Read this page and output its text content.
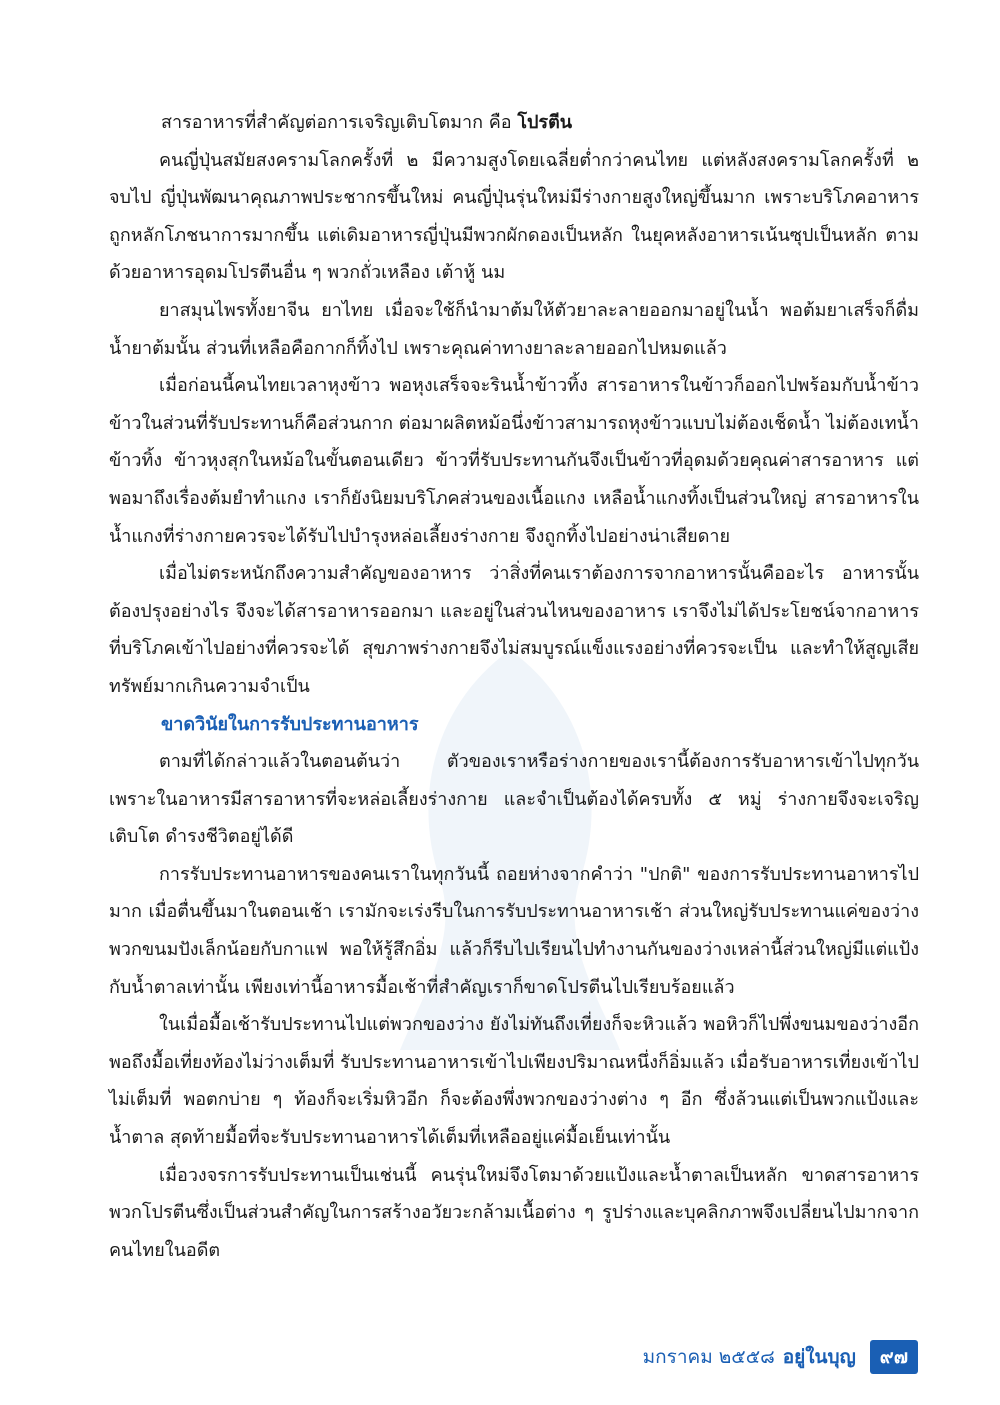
สารอาหารที่สำคัญต่อการเจริญเติบโตมาก คือ โปรตีน

คนญี่ปุ่นสมัยสงครามโลกครั้งที่ ๒ มีความสูงโดยเฉลี่ยต่ำกว่าคนไทย แต่หลังสงครามโลกครั้งที่ ๒ จบไป ญี่ปุ่นพัฒนาคุณภาพประชากรขึ้นใหม่ คนญี่ปุ่นรุ่นใหม่มีร่างกายสูงใหญ่ขึ้นมาก เพราะบริโภคอาหารถูกหลักโภชนาการมากขึ้น แต่เดิมอาหารญี่ปุ่นมีพวกผักดองเป็นหลัก ในยุคหลังอาหารเน้นซุปเป็นหลัก ตามด้วยอาหารอุดมโปรตีนอื่น ๆ พวกถั่วเหลือง เต้าหู้ นม

ยาสมุนไพรทั้งยาจีน ยาไทย เมื่อจะใช้ก็นำมาต้มให้ตัวยาละลายออกมาอยู่ในน้ำ พอต้มยาเสร็จก็ดื่มน้ำยาต้มนั้น ส่วนที่เหลือคือกากก็ทิ้งไป เพราะคุณค่าทางยาละลายออกไปหมดแล้ว

เมื่อก่อนนี้คนไทยเวลาหุงข้าว พอหุงเสร็จจะรินน้ำข้าวทิ้ง สารอาหารในข้าวก็ออกไปพร้อมกับน้ำข้าว ข้าวในส่วนที่รับประทานก็คือส่วนกาก ต่อมาผลิตหม้อนึ่งข้าวสามารถหุงข้าวแบบไม่ต้องเช็ดน้ำ ไม่ต้องเทน้ำข้าวทิ้ง ข้าวหุงสุกในหม้อในขั้นตอนเดียว ข้าวที่รับประทานกันจึงเป็นข้าวที่อุดมด้วยคุณค่าสารอาหาร แต่พอมาถึงเรื่องต้มยำทำแกง เราก็ยังนิยมบริโภคส่วนของเนื้อแกง เหลือน้ำแกงทิ้งเป็นส่วนใหญ่ สารอาหารในน้ำแกงที่ร่างกายควรจะได้รับไปบำรุงหล่อเลี้ยงร่างกาย จึงถูกทิ้งไปอย่างน่าเสียดาย

เมื่อไม่ตระหนักถึงความสำคัญของอาหาร ว่าสิ่งที่คนเราต้องการจากอาหารนั้นคืออะไร อาหารนั้นต้องปรุงอย่างไร จึงจะได้สารอาหารออกมา และอยู่ในส่วนไหนของอาหาร เราจึงไม่ได้ประโยชน์จากอาหารที่บริโภคเข้าไปอย่างที่ควรจะได้ สุขภาพร่างกายจึงไม่สมบูรณ์แข็งแรงอย่างที่ควรจะเป็น และทำให้สูญเสียทรัพย์มากเกินความจำเป็น

ขาดวินัยในการรับประทานอาหาร

ตามที่ได้กล่าวแล้วในตอนต้นว่า ตัวของเราหรือร่างกายของเรานี้ต้องการรับอาหารเข้าไปทุกวัน เพราะในอาหารมีสารอาหารที่จะหล่อเลี้ยงร่างกาย และจำเป็นต้องได้ครบทั้ง ๕ หมู่ ร่างกายจึงจะเจริญเติบโต ดำรงชีวิตอยู่ได้ดี

การรับประทานอาหารของคนเราในทุกวันนี้ ถอยห่างจากคำว่า "ปกติ" ของการรับประทานอาหารไปมาก เมื่อตื่นขึ้นมาในตอนเช้า เรามักจะเร่งรีบในการรับประทานอาหารเช้า ส่วนใหญ่รับประทานแค่ของว่างพวกขนมปังเล็กน้อยกับกาแฟ พอให้รู้สึกอิ่ม แล้วก็รีบไปเรียนไปทำงานกันของว่างเหล่านี้ส่วนใหญ่มีแต่แป้งกับน้ำตาลเท่านั้น เพียงเท่านี้อาหารมื้อเช้าที่สำคัญเราก็ขาดโปรตีนไปเรียบร้อยแล้ว

ในเมื่อมื้อเช้ารับประทานไปแต่พวกของว่าง ยังไม่ทันถึงเที่ยงก็จะหิวแล้ว พอหิวก็ไปพึ่งขนมของว่างอีก พอถึงมื้อเที่ยงท้องไม่ว่างเต็มที่ รับประทานอาหารเข้าไปเพียงปริมาณหนึ่งก็อิ่มแล้ว เมื่อรับอาหารเที่ยงเข้าไปไม่เต็มที่ พอตกบ่าย ๆ ท้องก็จะเริ่มหิวอีก ก็จะต้องพึ่งพวกของว่างต่าง ๆ อีก ซึ่งล้วนแต่เป็นพวกแป้งและน้ำตาล สุดท้ายมื้อที่จะรับประทานอาหารได้เต็มที่เหลืออยู่แค่มื้อเย็นเท่านั้น

เมื่อวงจรการรับประทานเป็นเช่นนี้ คนรุ่นใหม่จึงโตมาด้วยแป้งและน้ำตาลเป็นหลัก ขาดสารอาหารพวกโปรตีนซึ่งเป็นส่วนสำคัญในการสร้างอวัยวะกล้ามเนื้อต่าง ๆ รูปร่างและบุคลิกภาพจึงเปลี่ยนไปมากจากคนไทยในอดีต

มกราคม ๒๕๕๘ อยู่ในบุญ	๙๗
